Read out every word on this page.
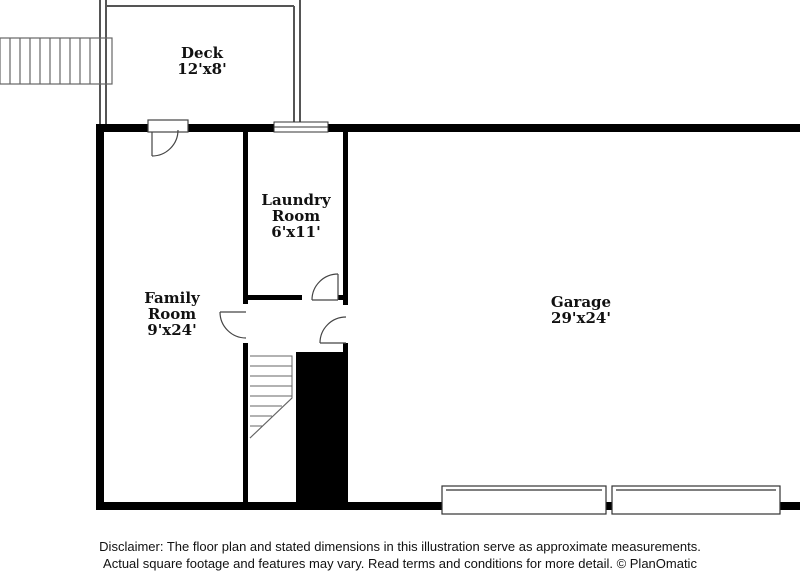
Deck
12'x8'
Laundry
Room
6'x11'
Family
Room
9'x24'
Garage
29'x24'
Disclaimer: The floor plan and stated dimensions in this illustration serve as approximate measurements.
Actual square footage and features may vary. Read terms and conditions for more detail. © PlanOmatic
